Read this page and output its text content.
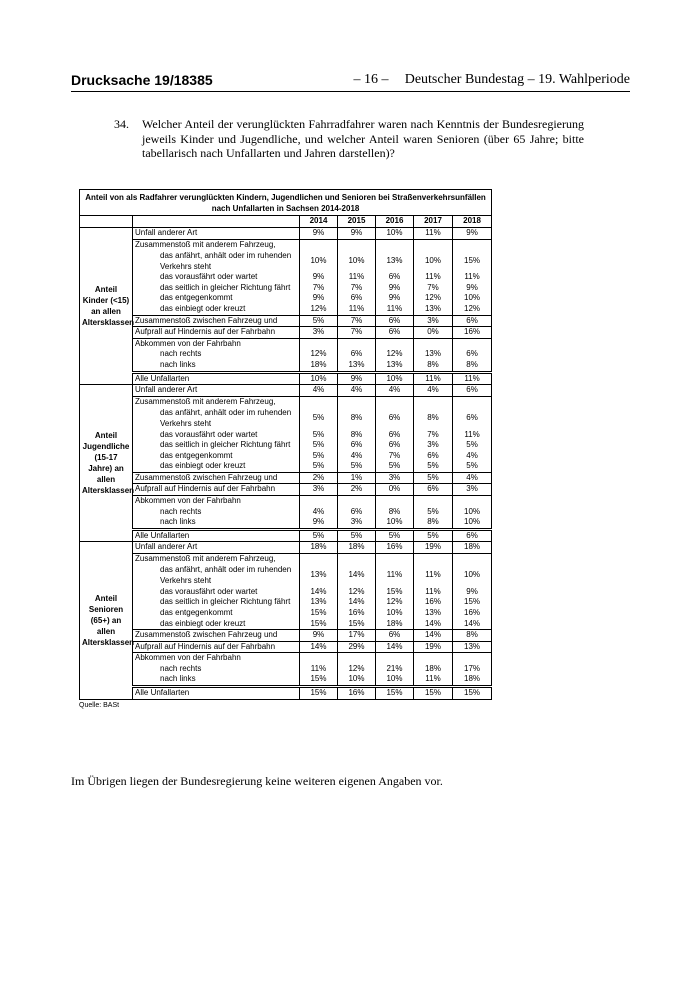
Drucksache 19/18385	– 16 –	Deutscher Bundestag – 19. Wahlperiode
34. Welcher Anteil der verunglückten Fahrradfahrer waren nach Kenntnis der Bundesregierung jeweils Kinder und Jugendliche, und welcher Anteil waren Senioren (über 65 Jahre; bitte tabellarisch nach Unfallarten und Jahren darstellen)?
Anteil von als Radfahrer verunglückten Kindern, Jugendlichen und Senioren bei Straßenverkehrsunfällen nach Unfallarten in Sachsen 2014-2018						
		2014	2015	2016	2017	2018
Anteil Kinder (<15) an allen Altersklassen	Unfall anderer Art	9%	9%	10%	11%	9%
	Zusammenstoß mit anderem Fahrzeug,					
	das anfährt, anhält oder im ruhenden	10%	10%	13%	10%	15%
	Verkehrs steht					
	das vorausfährt oder wartet	9%	11%	6%	11%	11%
	das seitlich in gleicher Richtung fährt	7%	7%	9%	7%	9%
	das entgegenkommt	9%	6%	9%	12%	10%
	das einbiegt oder kreuzt	12%	11%	11%	13%	12%
	Zusammenstoß zwischen Fahrzeug und	5%	7%	6%	3%	6%
	Aufprall auf Hindernis auf der Fahrbahn	3%	7%	6%	0%	16%
	Abkommen von der Fahrbahn					
	nach rechts	12%	6%	12%	13%	6%
	nach links	18%	13%	13%	8%	8%
	Alle Unfallarten	10%	9%	10%	11%	11%
Anteil Jugendliche (15-17 Jahre) an allen Altersklassen	Unfall anderer Art	4%	4%	4%	4%	6%
	Zusammenstoß mit anderem Fahrzeug,					
	das anfährt, anhält oder im ruhenden	5%	8%	6%	8%	6%
	Verkehrs steht					
	das vorausfährt oder wartet	5%	8%	6%	7%	11%
	das seitlich in gleicher Richtung fährt	5%	6%	6%	3%	5%
	das entgegenkommt	5%	4%	7%	6%	4%
	das einbiegt oder kreuzt	5%	5%	5%	5%	5%
	Zusammenstoß zwischen Fahrzeug und	2%	1%	3%	5%	4%
	Aufprall auf Hindernis auf der Fahrbahn	3%	2%	0%	6%	3%
	Abkommen von der Fahrbahn					
	nach rechts	4%	6%	8%	5%	10%
	nach links	9%	3%	10%	8%	10%
	Alle Unfallarten	5%	5%	5%	5%	6%
Anteil Senioren (65+) an allen Altersklassen	Unfall anderer Art	18%	18%	16%	19%	18%
	Zusammenstoß mit anderem Fahrzeug,					
	das anfährt, anhält oder im ruhenden	13%	14%	11%	11%	10%
	Verkehrs steht					
	das vorausfährt oder wartet	14%	12%	15%	11%	9%
	das seitlich in gleicher Richtung fährt	13%	14%	12%	16%	15%
	das entgegenkommt	15%	16%	10%	13%	16%
	das einbiegt oder kreuzt	15%	15%	18%	14%	14%
	Zusammenstoß zwischen Fahrzeug und	9%	17%	6%	14%	8%
	Aufprall auf Hindernis auf der Fahrbahn	14%	29%	14%	19%	13%
	Abkommen von der Fahrbahn					
	nach rechts	11%	12%	21%	18%	17%
	nach links	15%	10%	10%	11%	18%
	Alle Unfallarten	15%	16%	15%	15%	15%
Quelle: BASt
Im Übrigen liegen der Bundesregierung keine weiteren eigenen Angaben vor.
